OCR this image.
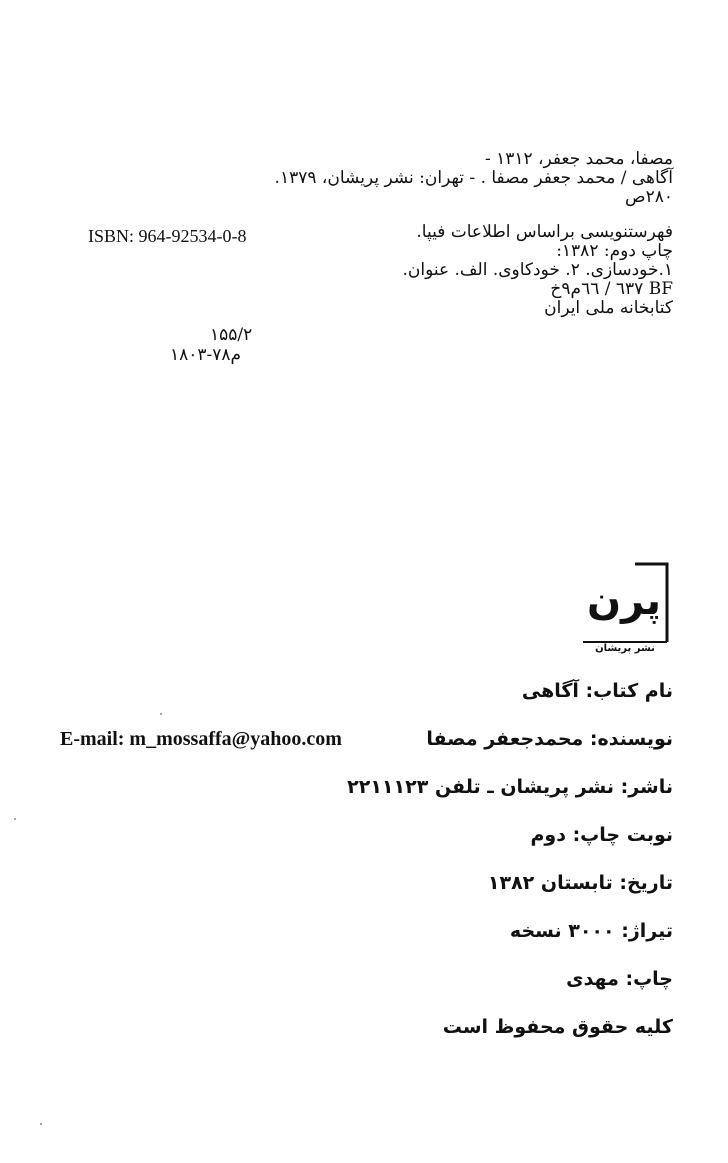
مصفا، محمد جعفر، ۱۳۱۲ -
آگاهی / محمد جعفر مصفا . - تهران: نشر پریشان، ۱۳۷۹.
۲۸۰ص
فهرستنویسی براساس اطلاعات فیپا.
چاپ دوم: ۱۳۸۲:
۱.خودسازی. ۲. خودکاوی. الف. عنوان.
BF ٦٣٧ / ٦٦م٩خ
کتابخانه ملی ایران
ISBN: 964-92534-0-8
۱۵۵/۲
م۷۸-۱۸۰۳
پرن
نشر پریشان
نام کتاب: آگاهی
نویسنده: محمدجعفر مصفا
E-mail: m_mossaffa@yahoo.com
ناشر: نشر پریشان ـ تلفن ۲۲۱۱۱۲۳
نوبت چاپ: دوم
تاریخ: تابستان ۱۳۸۲
تیراژ: ۳۰۰۰ نسخه
چاپ: مهدی
کلیه حقوق محفوظ است
